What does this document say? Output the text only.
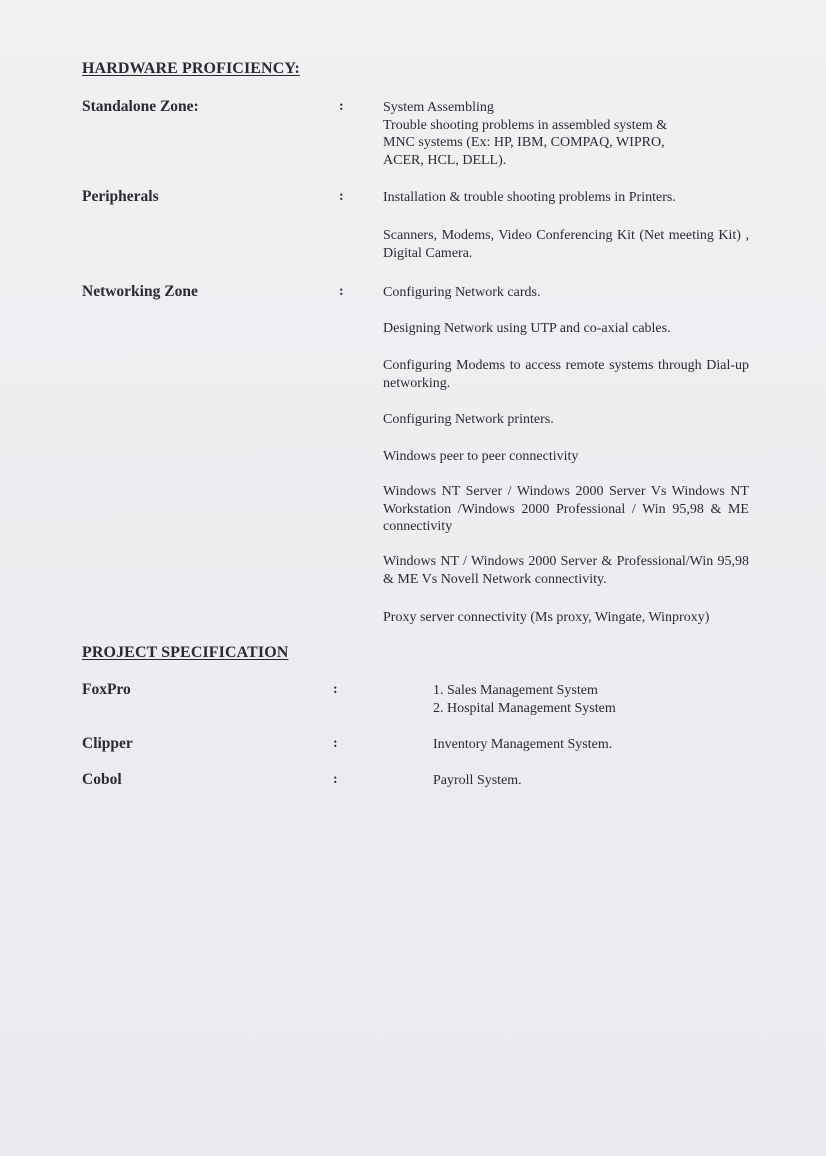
HARDWARE PROFICIENCY:
Standalone Zone:	:	System Assembling
Trouble shooting problems in assembled system &
MNC systems (Ex: HP, IBM, COMPAQ, WIPRO,
ACER, HCL, DELL).

Peripherals	:	Installation & trouble shooting problems in Printers.

Scanners, Modems, Video Conferencing Kit (Net meeting Kit) , Digital Camera.

Networking Zone	:	Configuring Network cards.

Designing Network using UTP and co-axial cables.

Configuring Modems to access remote systems through Dial-up networking.

Configuring Network printers.

Windows peer to peer connectivity

Windows NT Server / Windows 2000 Server Vs Windows NT Workstation /Windows 2000 Professional / Win 95,98 & ME connectivity

Windows NT / Windows 2000 Server & Professional/Win 95,98 & ME Vs Novell Network connectivity.

Proxy server connectivity (Ms proxy, Wingate, Winproxy)

PROJECT SPECIFICATION
FoxPro	:	1. Sales Management System
2. Hospital Management System

Clipper	:	Inventory Management System.

Cobol	:	Payroll System.
